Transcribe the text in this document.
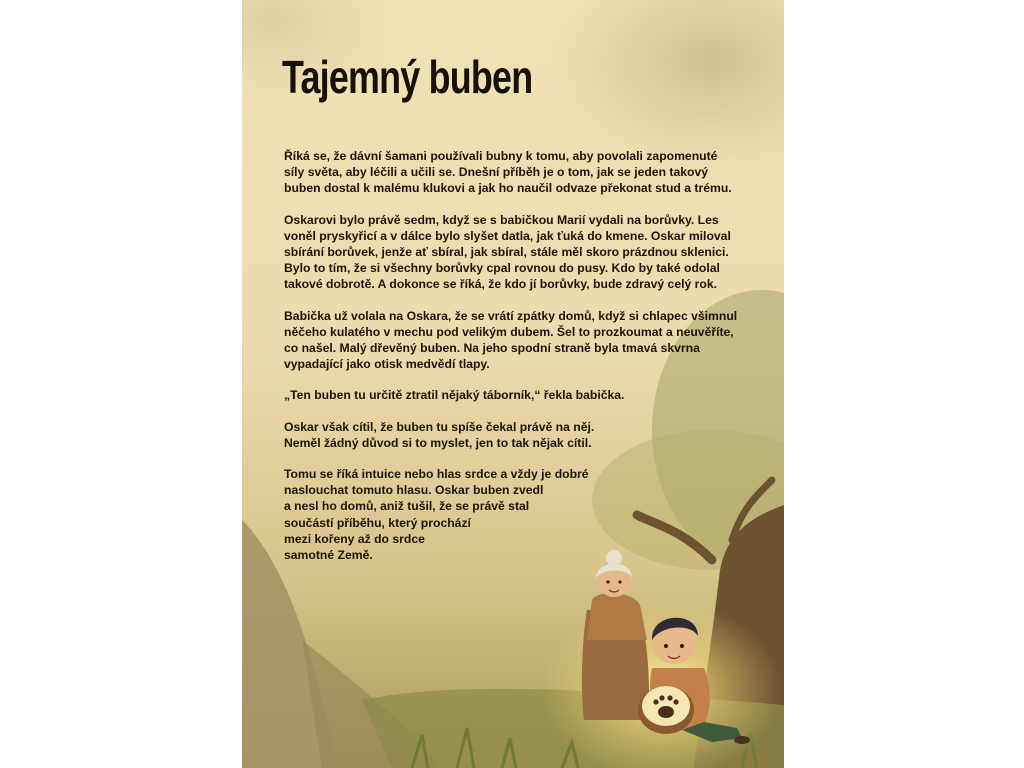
Tajemný buben

Říká se, že dávní šamani používali bubny k tomu, aby povolali zapomenuté
síly světa, aby léčili a učili se. Dnešní příběh je o tom, jak se jeden takový
buben dostal k malému klukovi a jak ho naučil odvaze překonat stud a trému.

Oskarovi bylo právě sedm, když se s babičkou Marií vydali na borůvky. Les
voněl pryskyřicí a v dálce bylo slyšet datla, jak ťuká do kmene. Oskar miloval
sbírání borůvek, jenže ať sbíral, jak sbíral, stále měl skoro prázdnou sklenici.
Bylo to tím, že si všechny borůvky cpal rovnou do pusy. Kdo by také odolal
takové dobrotě. A dokonce se říká, že kdo jí borůvky, bude zdravý celý rok.

Babička už volala na Oskara, že se vrátí zpátky domů, když si chlapec všimnul
něčeho kulatého v mechu pod velikým dubem. Šel to prozkoumat a neuvěříte,
co našel. Malý dřevěný buben. Na jeho spodní straně byla tmavá skvrna
vypadající jako otisk medvědí tlapy.

„Ten buben tu určitě ztratil nějaký táborník,“ řekla babička.

Oskar však cítil, že buben tu spíše čekal právě na něj.
Neměl žádný důvod si to myslet, jen to tak nějak cítil.

Tomu se říká intuice nebo hlas srdce a vždy je dobré
naslouchat tomuto hlasu. Oskar buben zvedl
a nesl ho domů, aniž tušil, že se právě stal
součástí příběhu, který prochází
mezi kořeny až do srdce
samotné Země.
